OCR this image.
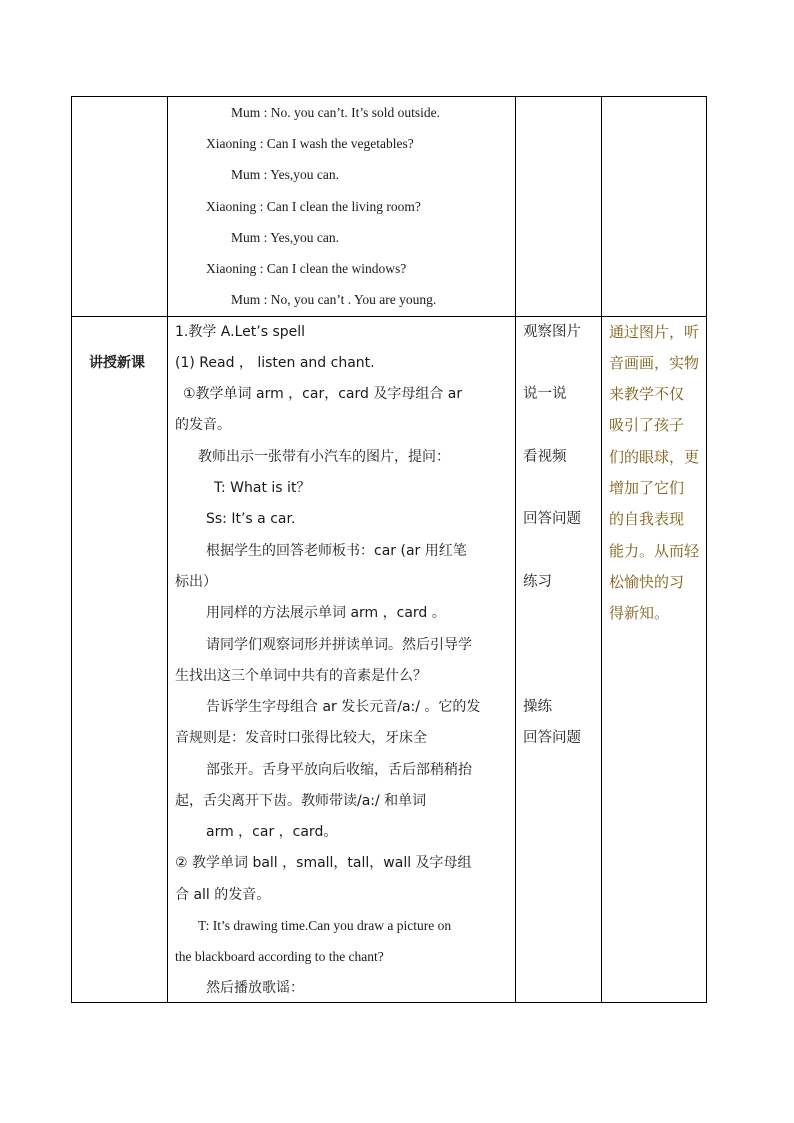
Mum : No. you can’t. It’s sold outside.
Xiaoning : Can I wash the vegetables?
Mum : Yes,you can.
Xiaoning : Can I clean the living room?
Mum : Yes,you can.
Xiaoning : Can I clean the windows?
Mum : No, you can’t . You are young.
讲授新课
1.教学 A.Let’s spell
(1) Read ， listen and chant.
①教学单词 arm ，car，card 及字母组合 ar
的发音。
教师出示一张带有小汽车的图片，提问：
T: What is it？
Ss: It’s a car.
根据学生的回答老师板书：car (ar 用红笔
标出）
用同样的方法展示单词 arm ，card 。
请同学们观察词形并拼读单词。然后引导学
生找出这三个单词中共有的音素是什么？
告诉学生字母组合 ar 发长元音/a:/ 。它的发
音规则是：发音时口张得比较大，牙床全
部张开。舌身平放向后收缩，舌后部稍稍抬
起，舌尖离开下齿。教师带读/a:/ 和单词
arm ，car ，card。
② 教学单词 ball ，small，tall，wall 及字母组
合 all 的发音。
T: It’s drawing time.Can you draw a picture on
the blackboard according to the chant?
然后播放歌谣：
观察图片
说一说
看视频
回答问题
练习
操练
回答问题
通过图片，听
音画画，实物
来教学不仅
吸引了孩子
们的眼球，更
增加了它们
的自我表现
能力。从而轻
松愉快的习
得新知。
